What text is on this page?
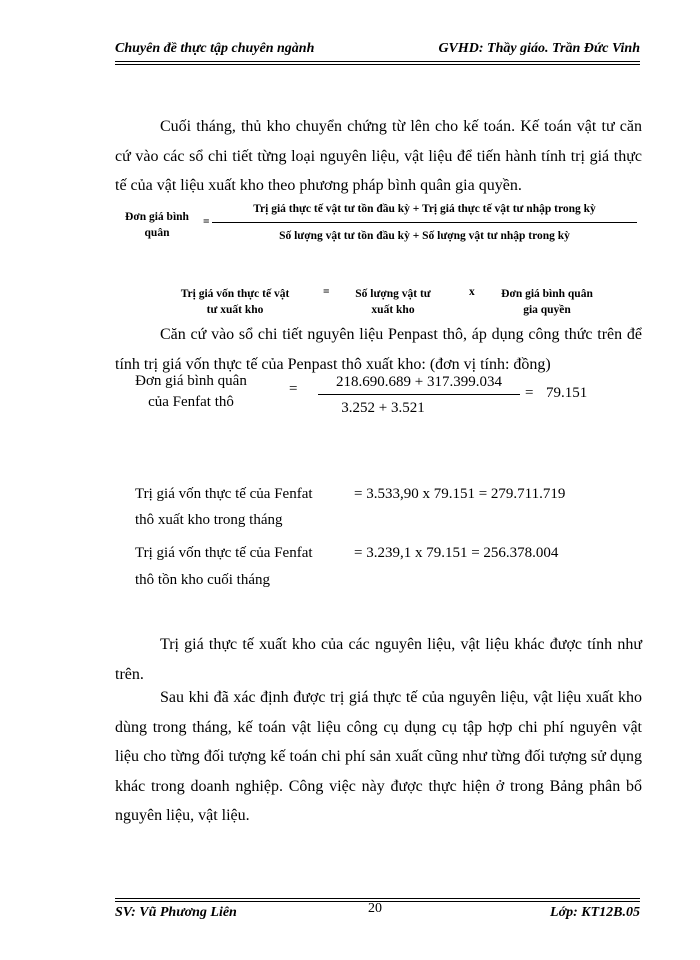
Chuyên đề thực tập chuyên ngành	GVHD: Thầy giáo. Trần Đức Vinh
Cuối tháng, thủ kho chuyển chứng từ lên cho kế toán. Kế toán vật tư căn cứ vào các sổ chi tiết từng loại nguyên liệu, vật liệu để tiến hành tính trị giá thực tế của vật liệu xuất kho theo phương pháp bình quân gia quyền.
Đơn giá bình
quân
=
Trị giá thực tế vật tư tồn đầu kỳ + Trị giá thực tế vật tư nhập trong kỳ
Số lượng vật tư tồn đầu kỳ + Số lượng vật tư nhập trong kỳ
Trị giá vốn thực tế vật
tư xuất kho
=	Số lượng vật tư
xuất kho
x	Đơn giá bình quân
gia quyền
Căn cứ vào sổ chi tiết nguyên liệu Penpast thô, áp dụng công thức trên để tính trị giá vốn thực tế của Penpast thô xuất kho: (đơn vị tính: đồng)
Đơn giá bình quân
của Fenfat thô
=	218.690.689 + 317.399.034
3.252 + 3.521
= 79.151
Trị giá vốn thực tế của Fenfat
thô xuất kho trong tháng
= 3.533,90 x 79.151 = 279.711.719
Trị giá vốn thực tế của Fenfat
thô tồn kho cuối tháng
= 3.239,1 x 79.151 = 256.378.004
Trị giá thực tế xuất kho của các nguyên liệu, vật liệu khác được tính như trên.
Sau khi đã xác định được trị giá thực tế của nguyên liệu, vật liệu xuất kho dùng trong tháng, kế toán vật liệu công cụ dụng cụ tập hợp chi phí nguyên vật liệu cho từng đối tượng kế toán chi phí sản xuất cũng như từng đối tượng sử dụng khác trong doanh nghiệp. Công việc này được thực hiện ở trong Bảng phân bổ nguyên liệu, vật liệu.
SV: Vũ Phương Liên	20	Lớp: KT12B.05
